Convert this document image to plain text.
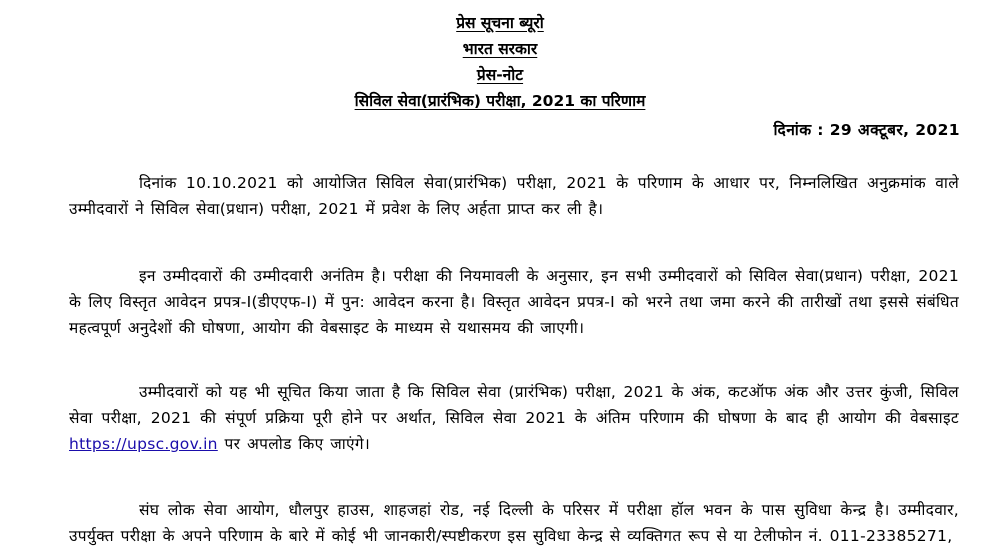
प्रेस सूचना ब्यूरो
भारत सरकार
प्रेस-नोट
सिविल सेवा(प्रारंभिक) परीक्षा, 2021 का परिणाम
दिनांक : 29 अक्टूबर, 2021

दिनांक 10.10.2021 को आयोजित सिविल सेवा(प्रारंभिक) परीक्षा, 2021 के परिणाम के आधार पर, निम्नलिखित अनुक्रमांक वाले उम्मीदवारों ने सिविल सेवा(प्रधान) परीक्षा, 2021 में प्रवेश के लिए अर्हता प्राप्त कर ली है।

इन उम्मीदवारों की उम्मीदवारी अनंतिम है। परीक्षा की नियमावली के अनुसार, इन सभी उम्मीदवारों को सिविल सेवा(प्रधान) परीक्षा, 2021 के लिए विस्तृत आवेदन प्रपत्र-I(डीएएफ-I) में पुन: आवेदन करना है। विस्तृत आवेदन प्रपत्र-I को भरने तथा जमा करने की तारीखों तथा इससे संबंधित महत्वपूर्ण अनुदेशों की घोषणा, आयोग की वेबसाइट के माध्यम से यथासमय की जाएगी।

उम्मीदवारों को यह भी सूचित किया जाता है कि सिविल सेवा (प्रारंभिक) परीक्षा, 2021 के अंक, कटऑफ अंक और उत्तर कुंजी, सिविल सेवा परीक्षा, 2021 की संपूर्ण प्रक्रिया पूरी होने पर अर्थात, सिविल सेवा 2021 के अंतिम परिणाम की घोषणा के बाद ही आयोग की वेबसाइट https://upsc.gov.in पर अपलोड किए जाएंगे।

संघ लोक सेवा आयोग, धौलपुर हाउस, शाहजहां रोड, नई दिल्ली के परिसर में परीक्षा हॉल भवन के पास सुविधा केन्द्र है। उम्मीदवार, उपर्युक्त परीक्षा के अपने परिणाम के बारे में कोई भी जानकारी/स्पष्टीकरण इस सुविधा केन्द्र से व्यक्तिगत रूप से या टेलीफोन नं. 011-23385271,
